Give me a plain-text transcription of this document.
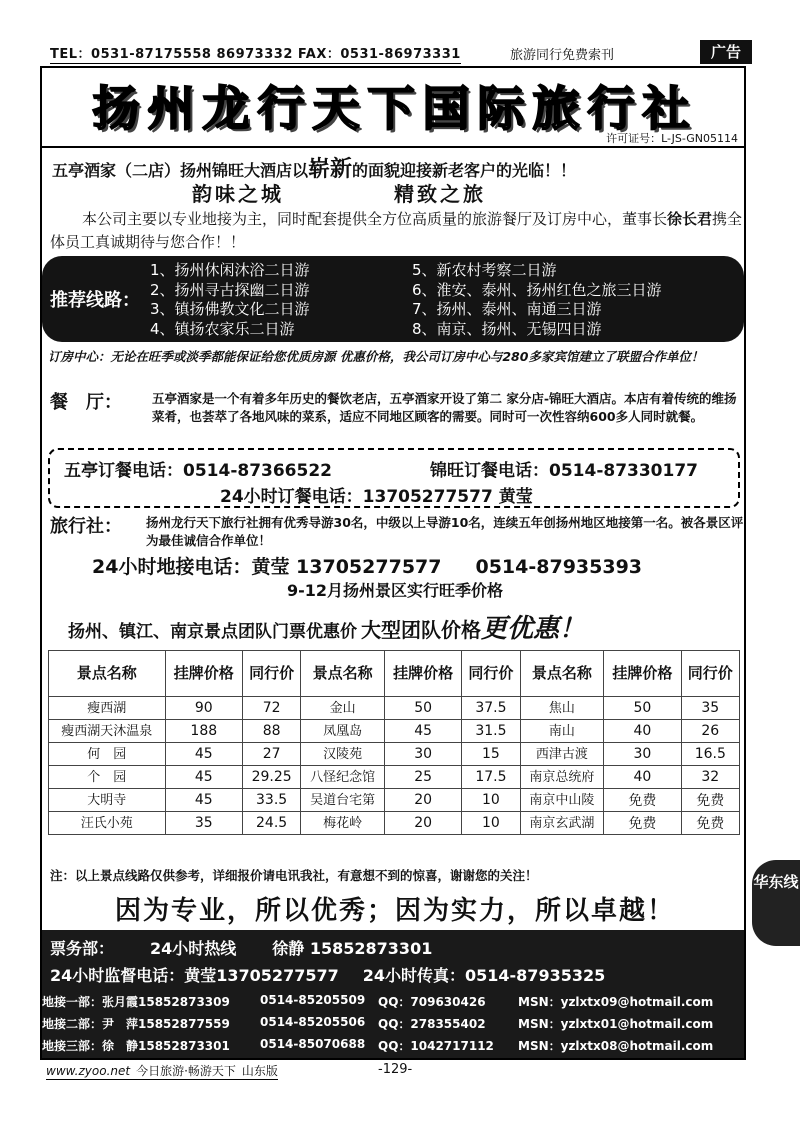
TEL：0531-87175558 86973332 FAX：0531-86973331	旅游同行免费索刊	广告
扬州龙行天下国际旅行社
许可证号：L-JS-GN05114
五亭酒家（二店）扬州锦旺大酒店以崭新的面貌迎接新老客户的光临！！
韵味之城	精致之旅
本公司主要以专业地接为主，同时配套提供全方位高质量的旅游餐厅及订房中心，董事长徐长君携全体员工真诚期待与您合作！！
推荐线路：
1、扬州休闲沐浴二日游
2、扬州寻古探幽二日游
3、镇扬佛教文化二日游
4、镇扬农家乐二日游
5、新农村考察二日游
6、淮安、泰州、扬州红色之旅三日游
7、扬州、泰州、南通三日游
8、南京、扬州、无锡四日游
订房中心：无论在旺季或淡季都能保证给您优质房源 优惠价格，我公司订房中心与280多家宾馆建立了联盟合作单位！
餐　厅： 五亭酒家是一个有着多年历史的餐饮老店，五亭酒家开设了第二 家分店-锦旺大酒店。本店有着传统的维扬菜肴，也荟萃了各地风味的菜系，适应不同地区顾客的需要。同时可一次性容纳600多人同时就餐。
五亭订餐电话：0514-87366522	锦旺订餐电话：0514-87330177
24小时订餐电话：13705277577 黄莹
旅行社： 扬州龙行天下旅行社拥有优秀导游30名，中级以上导游10名，连续五年创扬州地区地接第一名。被各景区评为最佳诚信合作单位！
24小时地接电话：黄莹 13705277577 0514-87935393
9-12月扬州景区实行旺季价格
扬州、镇江、南京景点团队门票优惠价 大型团队价格更优惠！
景点名称	挂牌价格	同行价	景点名称	挂牌价格	同行价	景点名称	挂牌价格	同行价
瘦西湖	90	72	金山	50	37.5	焦山	50	35
瘦西湖天沐温泉	188	88	凤凰岛	45	31.5	南山	40	26
何　园	45	27	汉陵苑	30	15	西津古渡	30	16.5
个　园	45	29.25	八怪纪念馆	25	17.5	南京总统府	40	32
大明寺	45	33.5	吴道台宅第	20	10	南京中山陵	免费	免费
汪氏小苑	35	24.5	梅花岭	20	10	南京玄武湖	免费	免费
注：以上景点线路仅供参考，详细报价请电讯我社，有意想不到的惊喜，谢谢您的关注！
因为专业，所以优秀；因为实力，所以卓越！
票务部： 24小时热线 徐静 15852873301
24小时监督电话：黄莹13705277577 24小时传真：0514-87935325
地接一部：张月霞15852873309	0514-85205509 QQ：709630426	MSN：yzlxtx09@hotmail.com
地接二部：尹　萍15852877559	0514-85205506 QQ：278355402	MSN：yzlxtx01@hotmail.com
地接三部：徐　静15852873301	0514-85070688 QQ：1042717112 MSN：yzlxtx08@hotmail.com
华东线
www.zyoo.net 今日旅游·畅游天下 山东版	-129-
